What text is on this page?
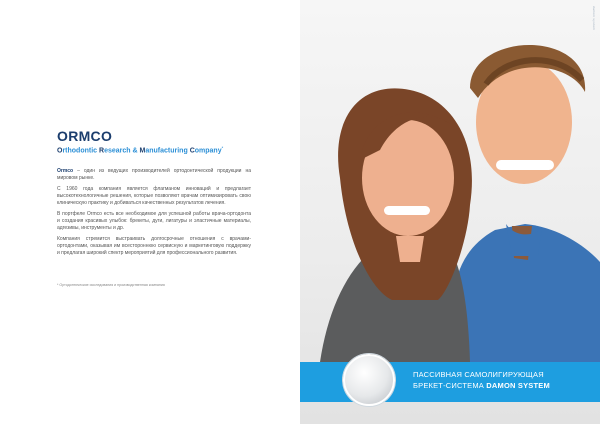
ORMCO
Orthodontic Research & Manufacturing Company*

Ormco – один из ведущих производителей ортодонтической продукции на мировом рынке.

С 1960 года компания является флагманом инноваций и предлагает высокотехнологичные решения, которые позволяют врачам оптимизировать свою клиническую практику и добиваться качественных результатов лечения.

В портфеле Ormco есть все необходимое для успешной работы врача-ортодонта и создания красивых улыбок: брекеты, дуги, лигатуры и эластичные материалы, адгезивы, инструменты и др.

Компания стремится выстраивать долгосрочные отношения с врачами-ортодонтами, оказывая им всестороннюю сервисную и маркетинговую поддержку и предлагая широкий спектр мероприятий для профессионального развития.

* Ортодонтические исследования и производственная компания
damon system
ПАССИВНАЯ САМОЛИГИРУЮЩАЯ
БРЕКЕТ-СИСТЕМА DAMON SYSTEM
